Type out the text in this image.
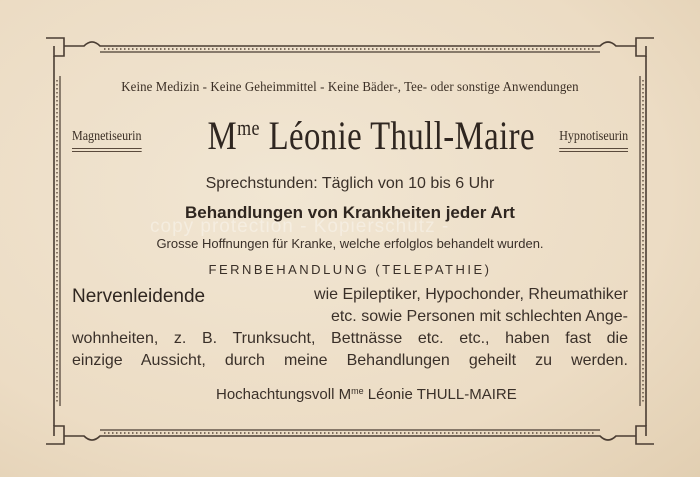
Keine Medizin - Keine Geheimmittel - Keine Bäder-, Tee- oder sonstige Anwendungen
Magnetiseurin $M^{me}$ Léonie Thull-Maire Hypnotiseurin
Sprechstunden: Täglich von 10 bis 6 Uhr
Behandlungen von Krankheiten jeder Art
Grosse Hoffnungen für Kranke, welche erfolglos behandelt wurden.
FERNBEHANDLUNG (TELEPATHIE)
Nervenleidende	wie Epileptiker, Hypochonder, Rheumathiker
etc. sowie Personen mit schlechten Ange-
wohnheiten, z. B. Trunksucht, Bettnässe etc. etc., haben fast die
einzige Aussicht, durch meine Behandlungen geheilt zu werden.
Hochachtungsvoll $M^{me}$ Léonie THULL-MAIRE
copy protection - Kopierschutz -
